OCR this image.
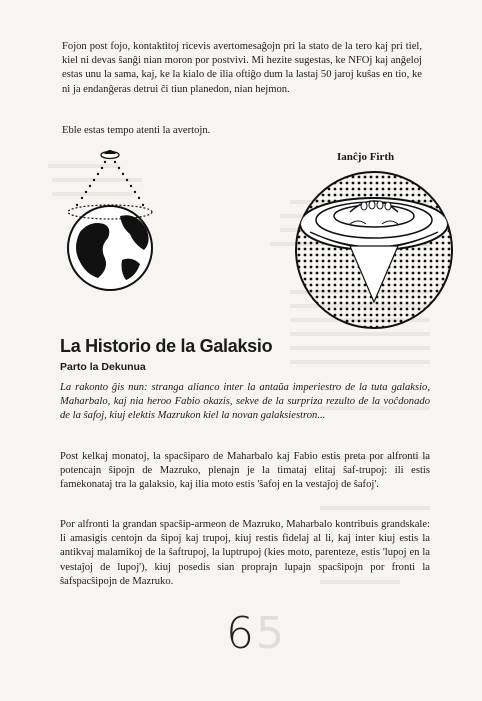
Fojon post fojo, kontaktitoj ricevis avertomesaĝojn pri la stato de la tero kaj pri tiel, kiel ni devas ŝanĝi nian moron por postvivi. Mi hezite sugestas, ke NFOj kaj anĝeloj estas unu la sama, kaj, ke la kialo de ilia oftiĝo dum la lastaj 50 jaroj kuŝas en tio, ke ni ja endanĝeras detrui ĉi tiun planedon, nian hejmon.
Eble estas tempo atenti la avertojn.
Ianĉjo Firth
La Historio de la Galaksio
Parto la Dekunua
La rakonto ĝis nun: stranga alianco inter la antaŭa imperiestro de la tuta galaksio, Maharbalo, kaj nia heroo Fabio okazis, sekve de la surpriza rezulto de la voĉdonado de la ŝafoj, kiuj elektis Mazrukon kiel la novan galaksiestron...
Post kelkaj monatoj, la spacŝiparo de Maharbalo kaj Fabio estis preta por alfronti la potencajn ŝipojn de Mazruko, plenajn je la timataj elitaj ŝaf-trupoj: ili estis famekonataj tra la galaksio, kaj ilia moto estis 'ŝafoj en la vestaĵoj de ŝafoj'.
Por alfronti la grandan spacŝip-armeon de Mazruko, Maharbalo kontribuis grandskale: li amasigis centojn da ŝipoj kaj trupoj, kiuj restis fidelaj al li, kaj inter kiuj estis la antikvaj malamikoj de la ŝaftrupoj, la luptrupoj (kies moto, parenteze, estis 'lupoj en la vestaĵoj de lupoj'), kiuj posedis sian proprajn lupajn spacŝipojn por fronti la ŝafspacŝipojn de Mazruko.
6 5
